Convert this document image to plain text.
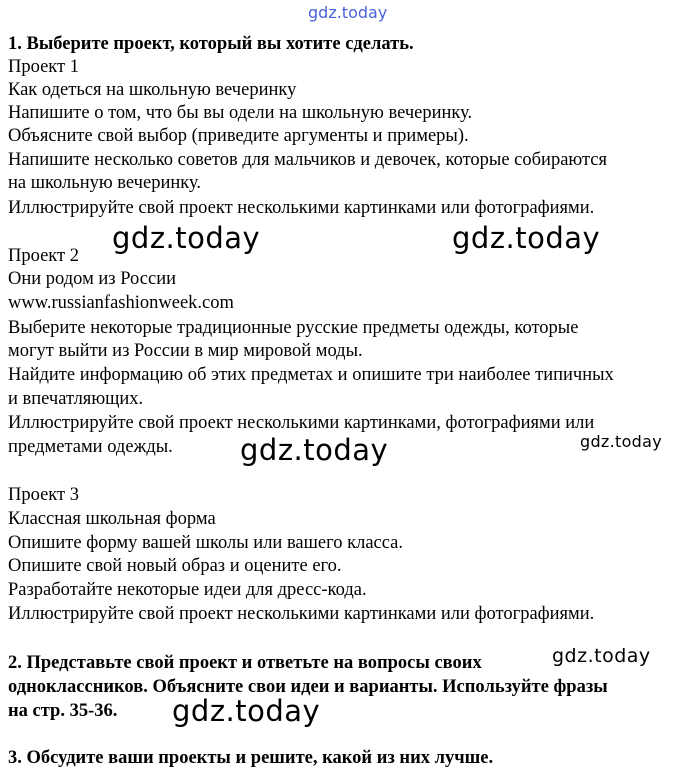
gdz.today
1. Выберите проект, который вы хотите сделать.
Проект 1
Как одеться на школьную вечеринку
Напишите о том, что бы вы одели на школьную вечеринку.
Объясните свой выбор (приведите аргументы и примеры).
Напишите несколько советов для мальчиков и девочек, которые собираются
на школьную вечеринку.
Иллюстрируйте свой проект несколькими картинками или фотографиями.
gdz.today	gdz.today
Проект 2
Они родом из России
www.russianfashionweek.com
Выберите некоторые традиционные русские предметы одежды, которые
могут выйти из России в мир мировой моды.
Найдите информацию об этих предметах и опишите три наиболее типичных
и впечатляющих.
Иллюстрируйте свой проект несколькими картинками, фотографиями или
предметами одежды.	gdz.today
gdz.today
Проект 3
Классная школьная форма
Опишите форму вашей школы или вашего класса.
Опишите свой новый образ и оцените его.
Разработайте некоторые идеи для дресс-кода.
Иллюстрируйте свой проект несколькими картинками или фотографиями.
2. Представьте свой проект и ответьте на вопросы своих	gdz.today
одноклассников. Объясните свои идеи и варианты. Используйте фразы
на стр. 35-36. gdz.today
3. Обсудите ваши проекты и решите, какой из них лучше.
